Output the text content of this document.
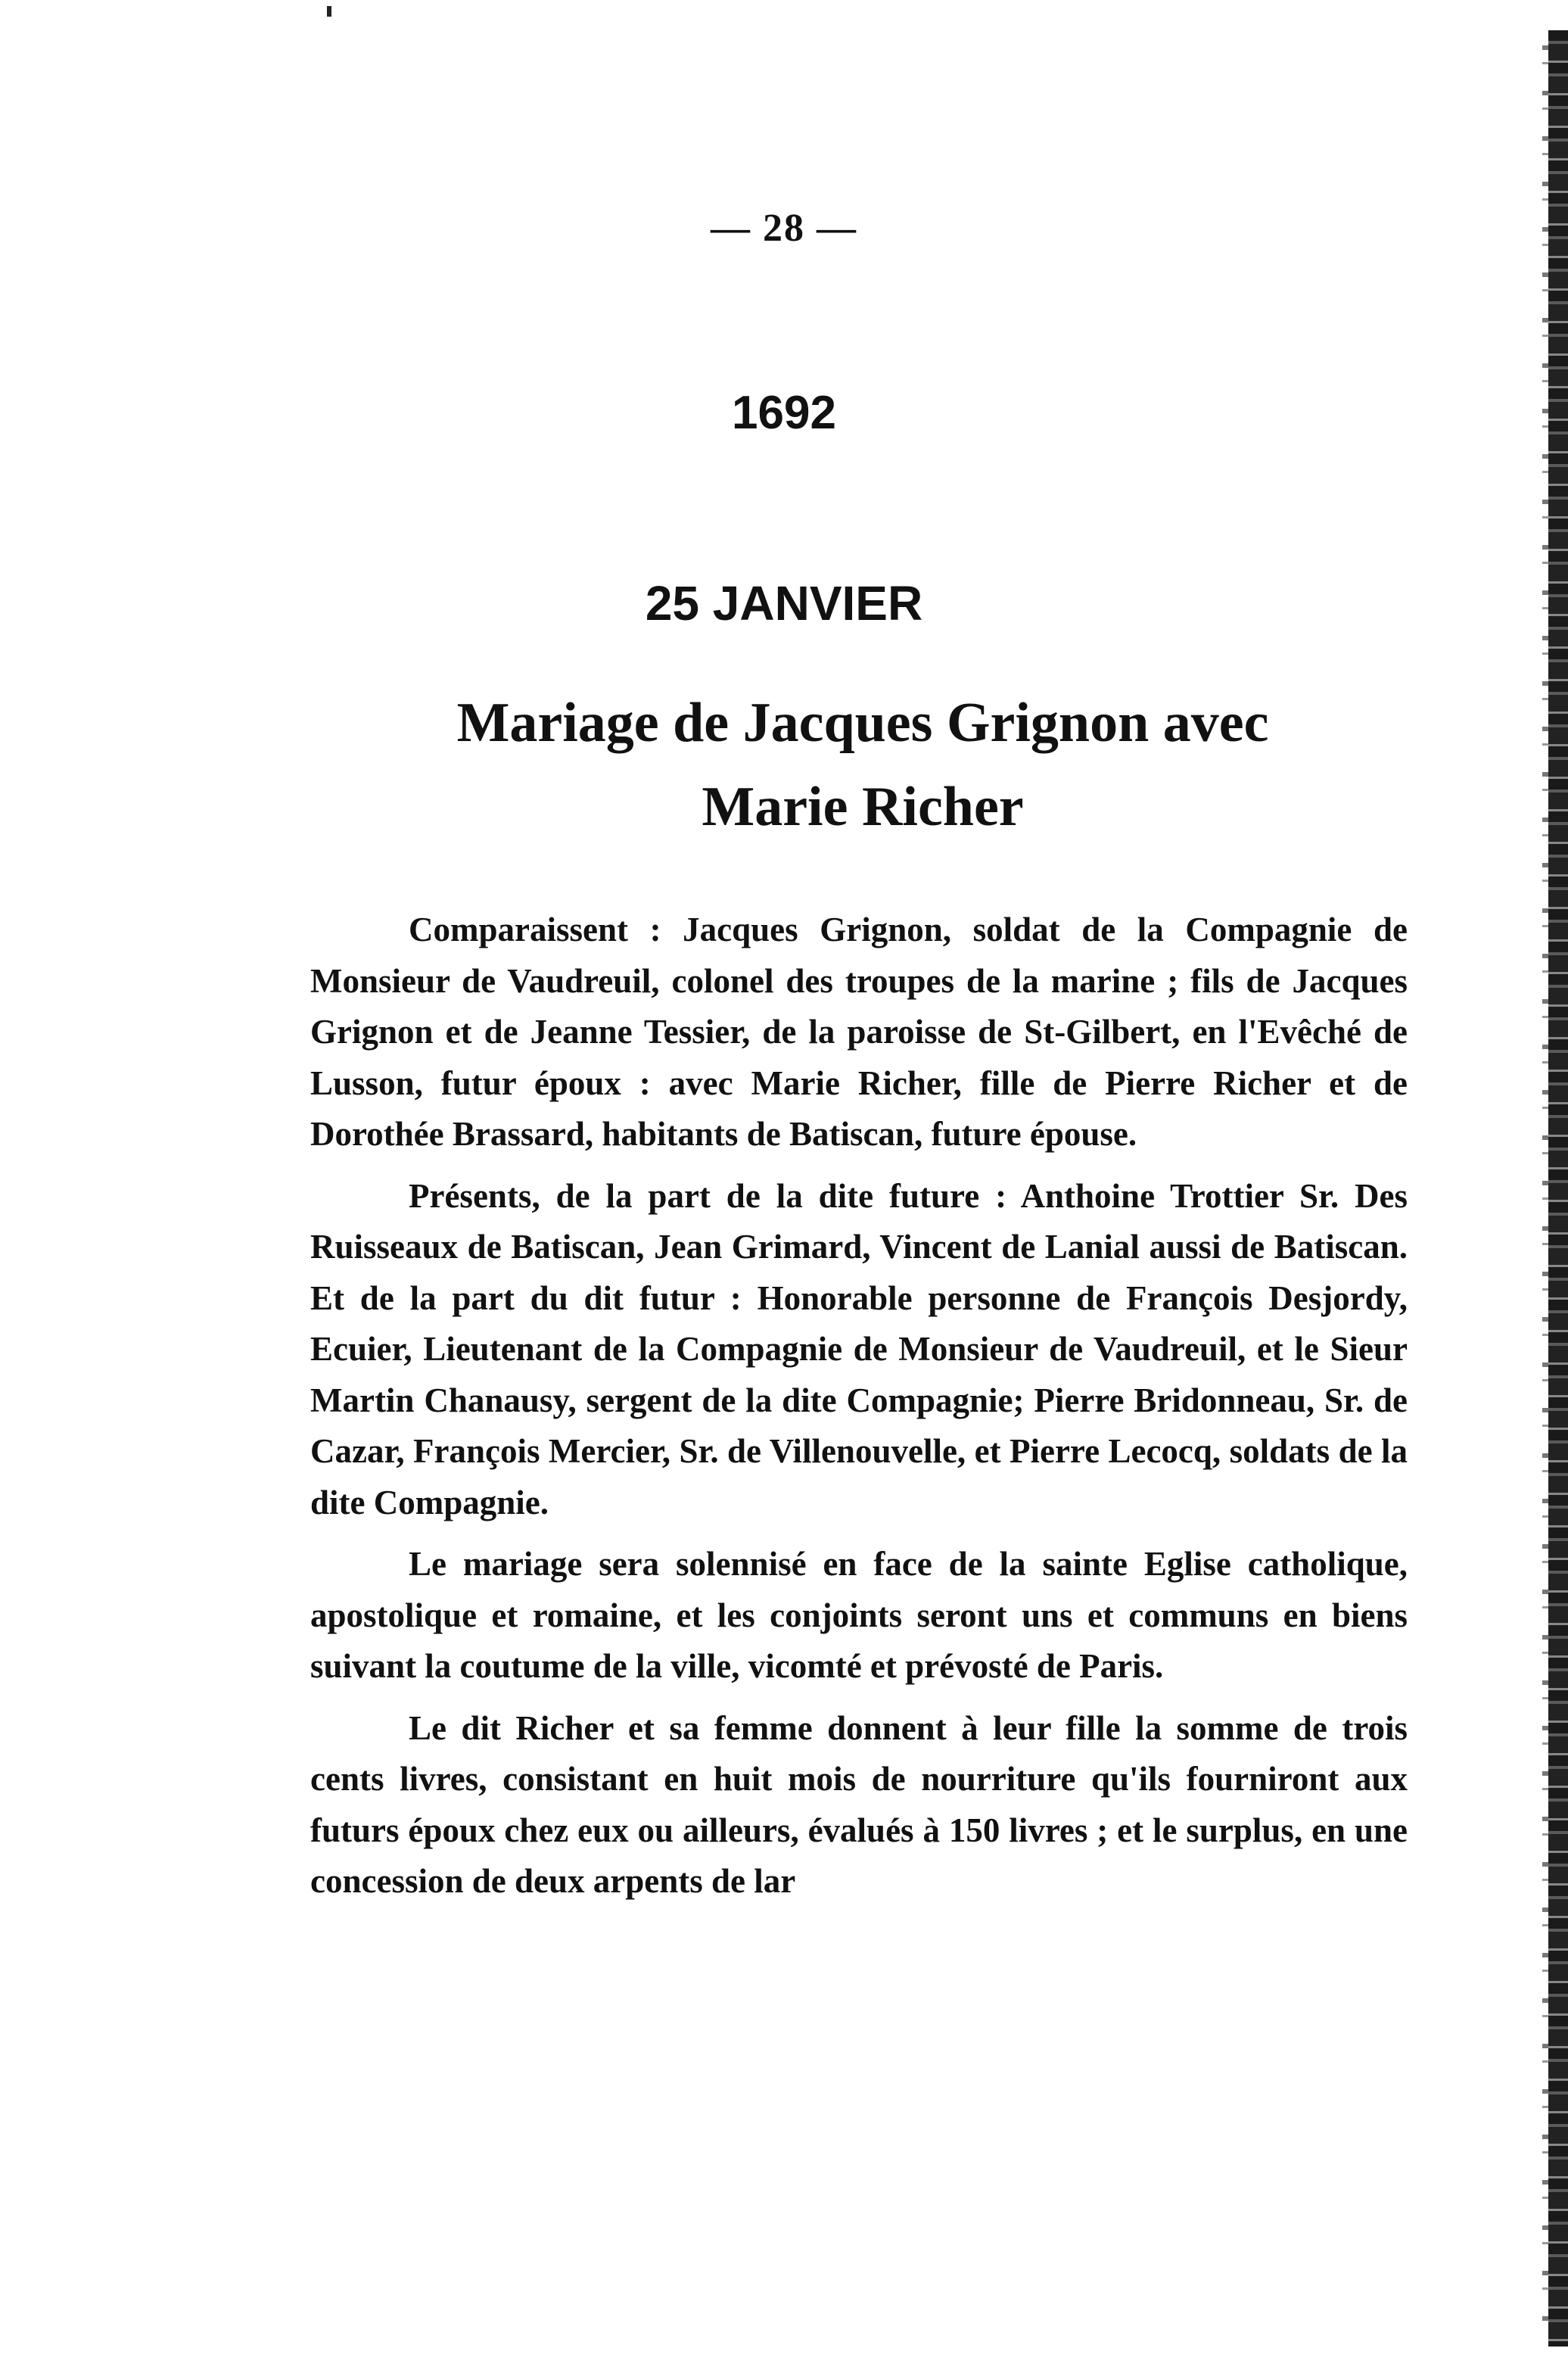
— 28 —
1692
25 JANVIER
Mariage de Jacques Grignon avec
Marie Richer

Comparaissent : Jacques Grignon, soldat de la Compagnie de Monsieur de Vaudreuil, colonel des troupes de la marine ; fils de Jacques Grignon et de Jeanne Tessier, de la paroisse de St-Gilbert, en l'Evêché de Lusson, futur époux : avec Marie Richer, fille de Pierre Richer et de Dorothée Brassard, habitants de Batiscan, future épouse.

Présents, de la part de la dite future : Anthoine Trottier Sr. Des Ruisseaux de Batiscan, Jean Grimard, Vincent de Lanial aussi de Batiscan. Et de la part du dit futur : Honorable personne de François Desjordy, Ecuier, Lieutenant de la Compagnie de Monsieur de Vaudreuil, et le Sieur Martin Chanausy, sergent de la dite Compagnie; Pierre Bridonneau, Sr. de Cazar, François Mercier, Sr. de Villenouvelle, et Pierre Lecocq, soldats de la dite Compagnie.

Le mariage sera solennisé en face de la sainte Eglise catholique, apostolique et romaine, et les conjoints seront uns et communs en biens suivant la coutume de la ville, vicomté et prévosté de Paris.

Le dit Richer et sa femme donnent à leur fille la somme de trois cents livres, consistant en huit mois de nourriture qu'ils fourniront aux futurs époux chez eux ou ailleurs, évalués à 150 livres ; et le surplus, en une concession de deux arpents de lar
